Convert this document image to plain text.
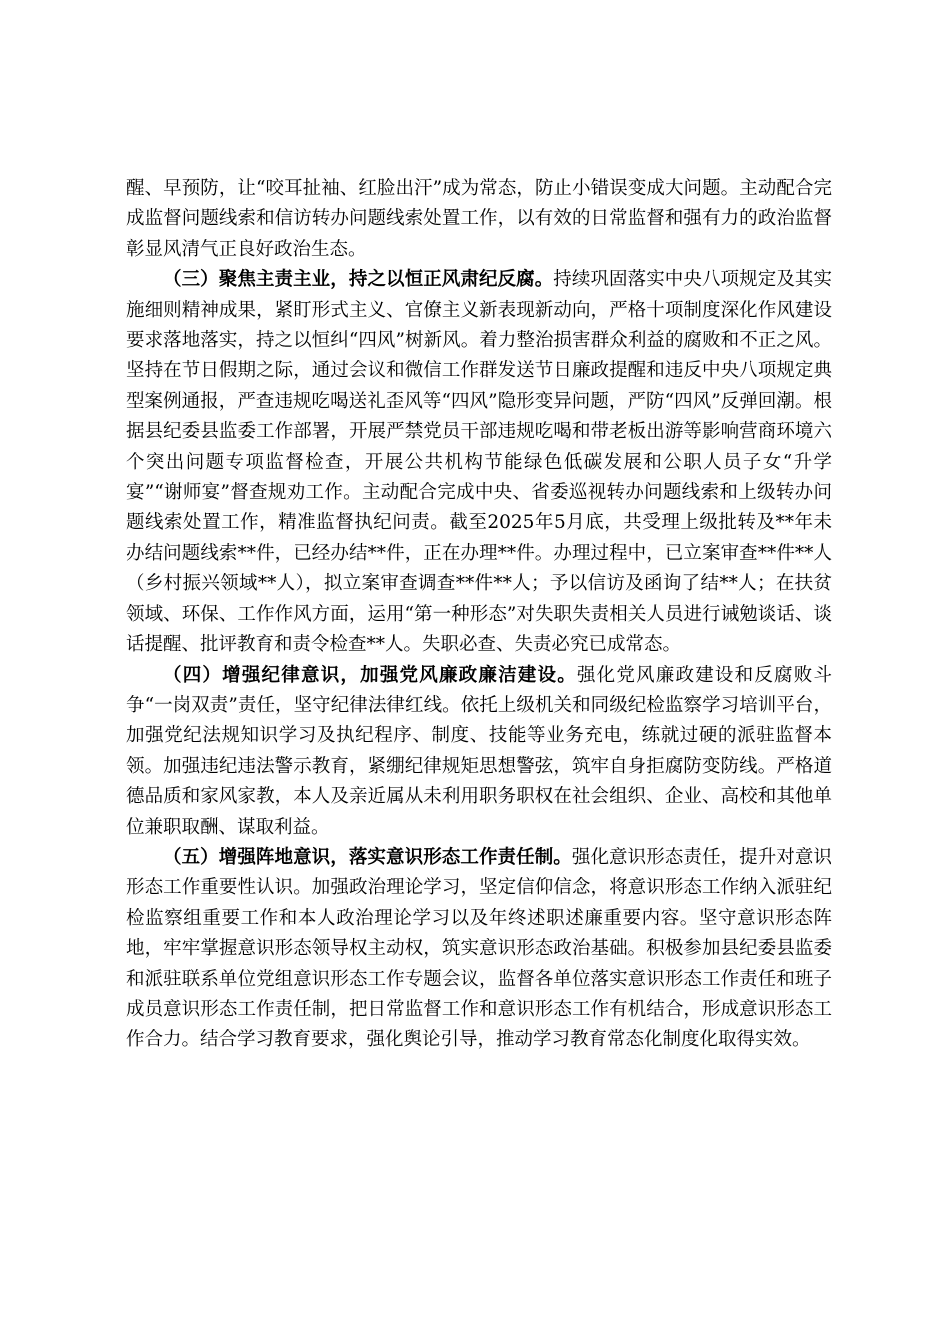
醒、早预防，让“咬耳扯袖、红脸出汗”成为常态，防止小错误变成大问题。主动配合完成监督问题线索和信访转办问题线索处置工作，以有效的日常监督和强有力的政治监督彰显风清气正良好政治生态。

（三）聚焦主责主业，持之以恒正风肃纪反腐。持续巩固落实中央八项规定及其实施细则精神成果，紧盯形式主义、官僚主义新表现新动向，严格十项制度深化作风建设要求落地落实，持之以恒纠“四风”树新风。着力整治损害群众利益的腐败和不正之风。坚持在节日假期之际，通过会议和微信工作群发送节日廉政提醒和违反中央八项规定典型案例通报，严查违规吃喝送礼歪风等“四风”隐形变异问题，严防“四风”反弹回潮。根据县纪委县监委工作部署，开展严禁党员干部违规吃喝和带老板出游等影响营商环境六个突出问题专项监督检查，开展公共机构节能绿色低碳发展和公职人员子女“升学宴”“谢师宴”督查规劝工作。主动配合完成中央、省委巡视转办问题线索和上级转办问题线索处置工作，精准监督执纪问责。截至2025年5月底，共受理上级批转及**年未办结问题线索**件，已经办结**件，正在办理**件。办理过程中，已立案审查**件**人（乡村振兴领域**人），拟立案审查调查**件**人；予以信访及函询了结**人；在扶贫领域、环保、工作作风方面，运用“第一种形态”对失职失责相关人员进行诫勉谈话、谈话提醒、批评教育和责令检查**人。失职必查、失责必究已成常态。

（四）增强纪律意识，加强党风廉政廉洁建设。强化党风廉政建设和反腐败斗争“一岗双责”责任，坚守纪律法律红线。依托上级机关和同级纪检监察学习培训平台，加强党纪法规知识学习及执纪程序、制度、技能等业务充电，练就过硬的派驻监督本领。加强违纪违法警示教育，紧绷纪律规矩思想警弦，筑牢自身拒腐防变防线。严格道德品质和家风家教，本人及亲近属从未利用职务职权在社会组织、企业、高校和其他单位兼职取酬、谋取利益。

（五）增强阵地意识，落实意识形态工作责任制。强化意识形态责任，提升对意识形态工作重要性认识。加强政治理论学习，坚定信仰信念，将意识形态工作纳入派驻纪检监察组重要工作和本人政治理论学习以及年终述职述廉重要内容。坚守意识形态阵地，牢牢掌握意识形态领导权主动权，筑实意识形态政治基础。积极参加县纪委县监委和派驻联系单位党组意识形态工作专题会议，监督各单位落实意识形态工作责任和班子成员意识形态工作责任制，把日常监督工作和意识形态工作有机结合，形成意识形态工作合力。结合学习教育要求，强化舆论引导，推动学习教育常态化制度化取得实效。
